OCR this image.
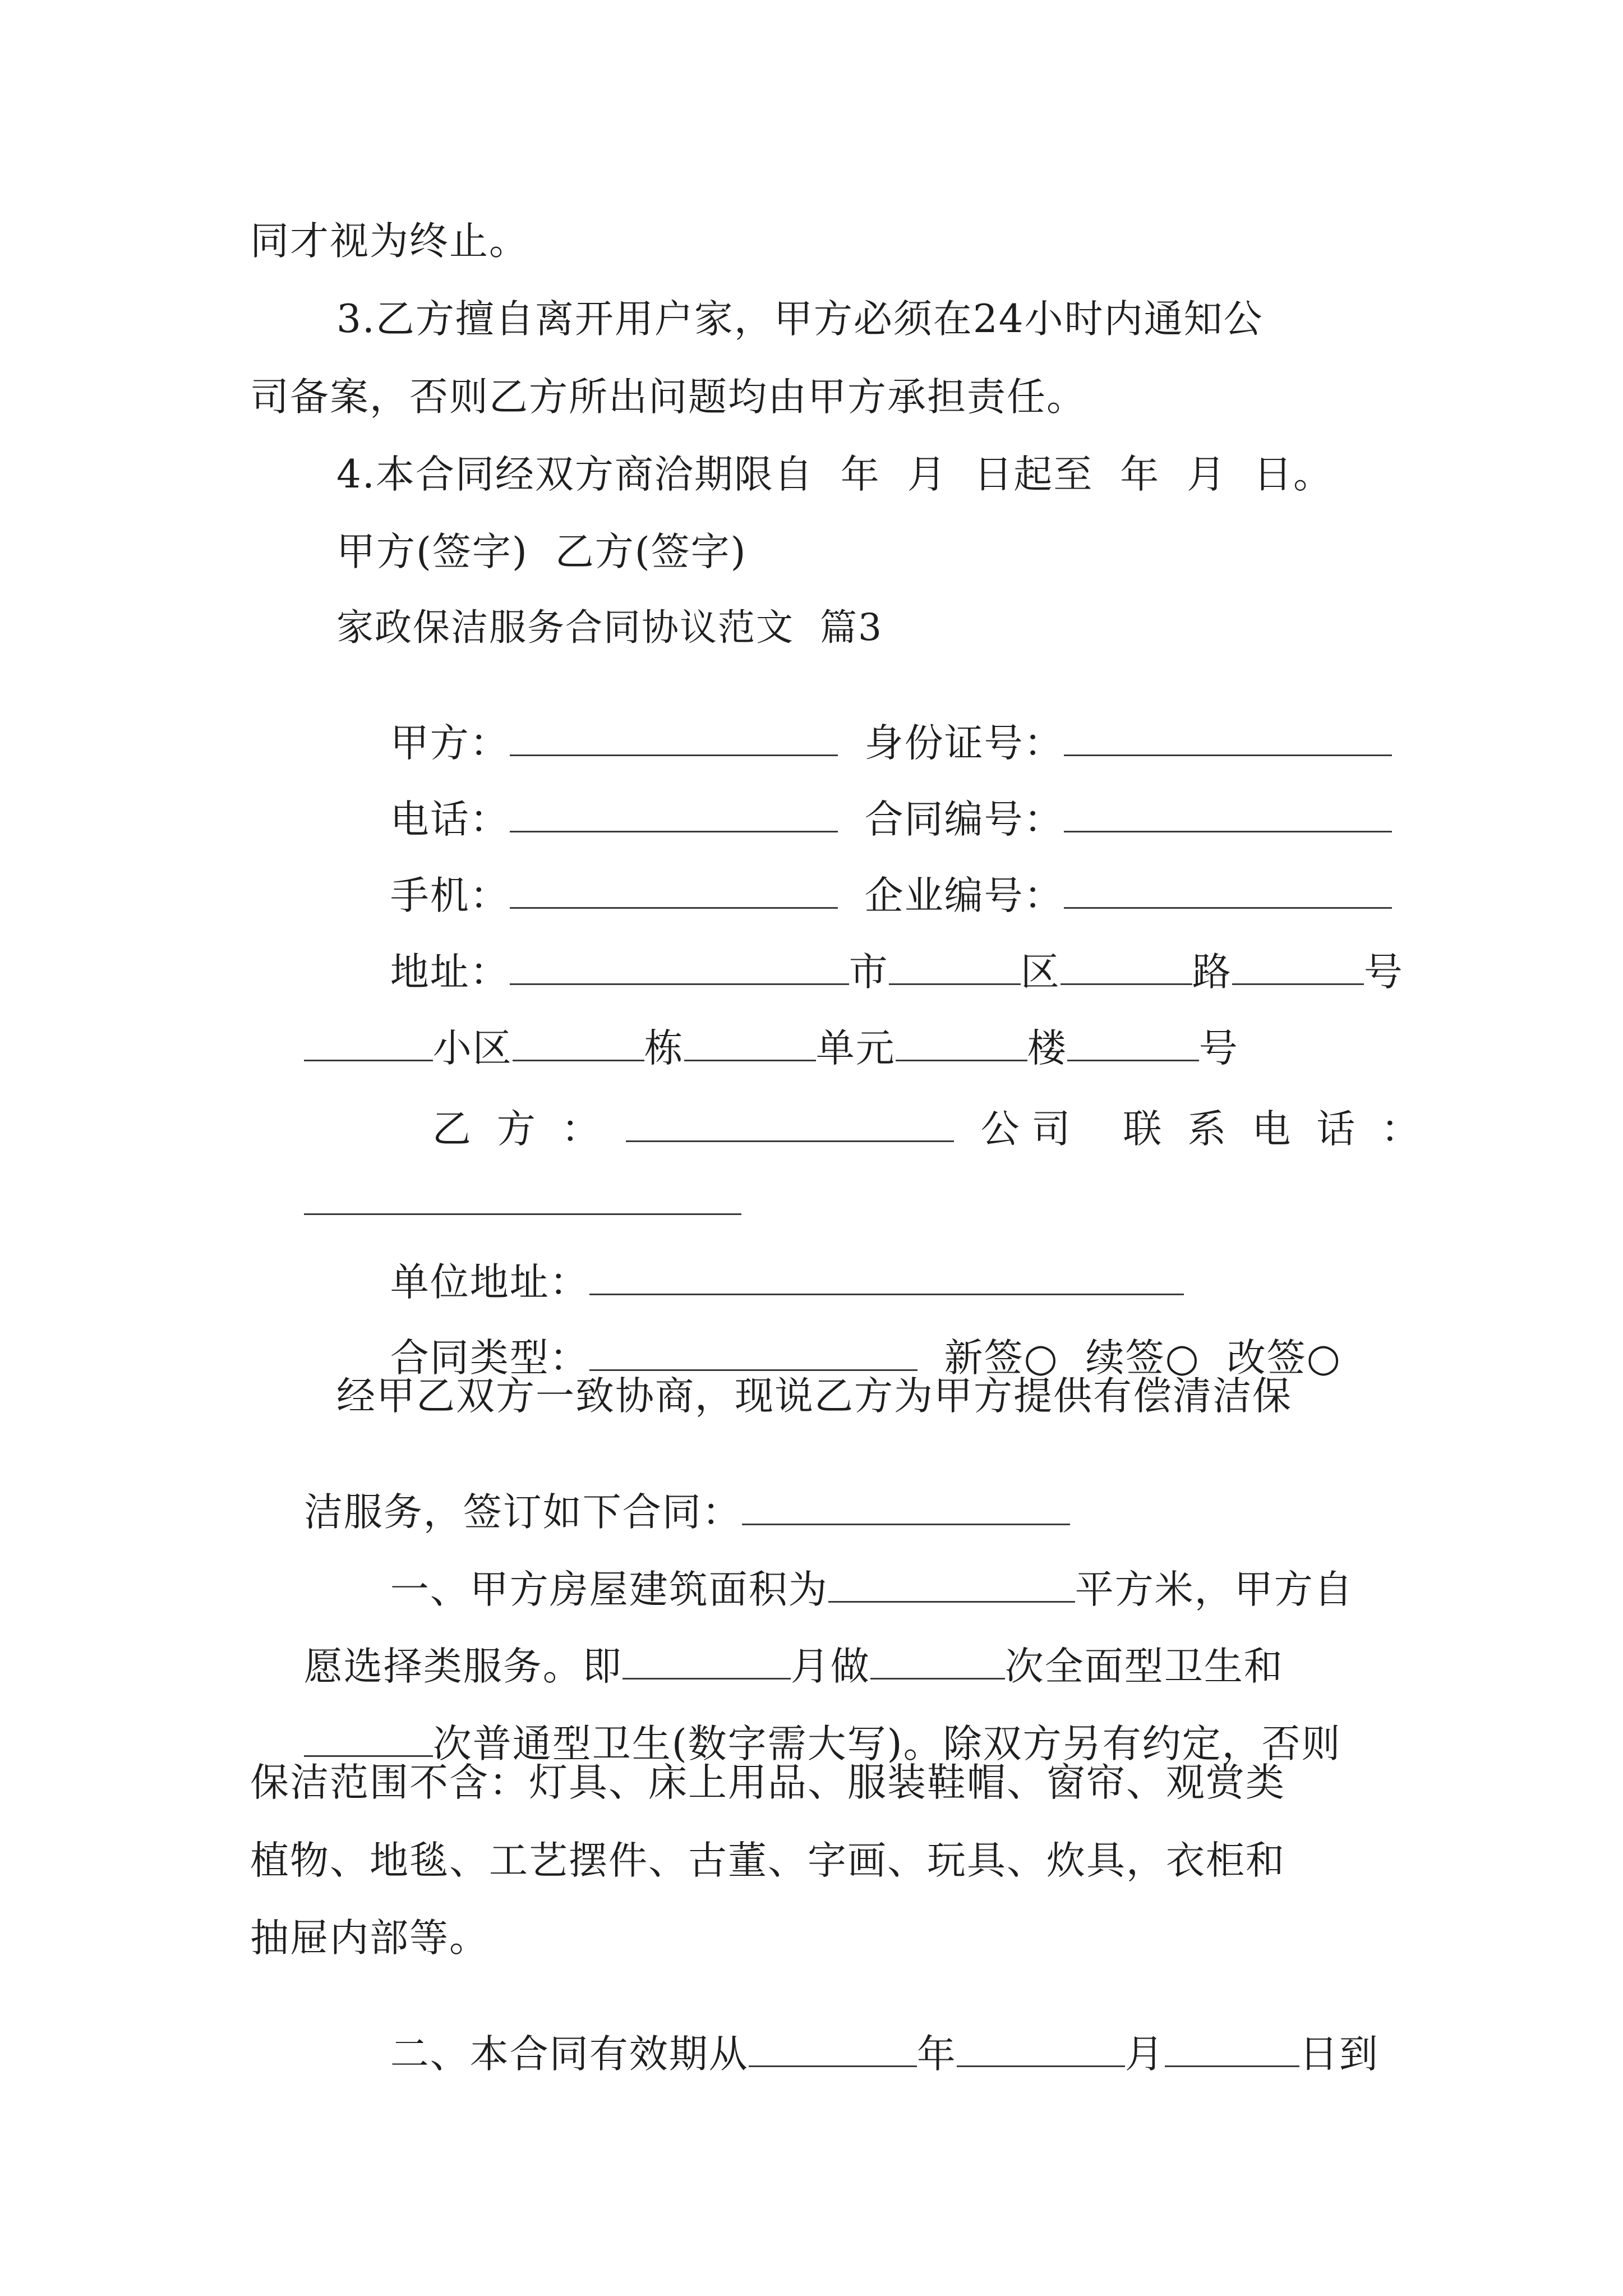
同才视为终止。
3.乙方擅自离开用户家，甲方必须在24小时内通知公
司备案，否则乙方所出问题均由甲方承担责任。
4.本合同经双方商洽期限自  年  月  日起至  年  月  日。
甲方(签字)  乙方(签字)
家政保洁服务合同协议范文  篇3

甲方：	身份证号：

电话：	合同编号：

手机：	企业编号：

地址：	市	区	路	号

小区	栋	单元	楼	号

乙方：	公司 联系电话：

单位地址：

合同类型：	新签○  续签○  改签○

经甲乙双方一致协商，现说乙方为甲方提供有偿清洁保

洁服务，签订如下合同：

一、甲方房屋建筑面积为	平方米，甲方自

愿选择类服务。即	月做	次全面型卫生和

次普通型卫生(数字需大写)。除双方另有约定，否则

保洁范围不含：灯具、床上用品、服装鞋帽、窗帘、观赏类
植物、地毯、工艺摆件、古董、字画、玩具、炊具，衣柜和
抽屉内部等。

二、本合同有效期从	年	月	日到
